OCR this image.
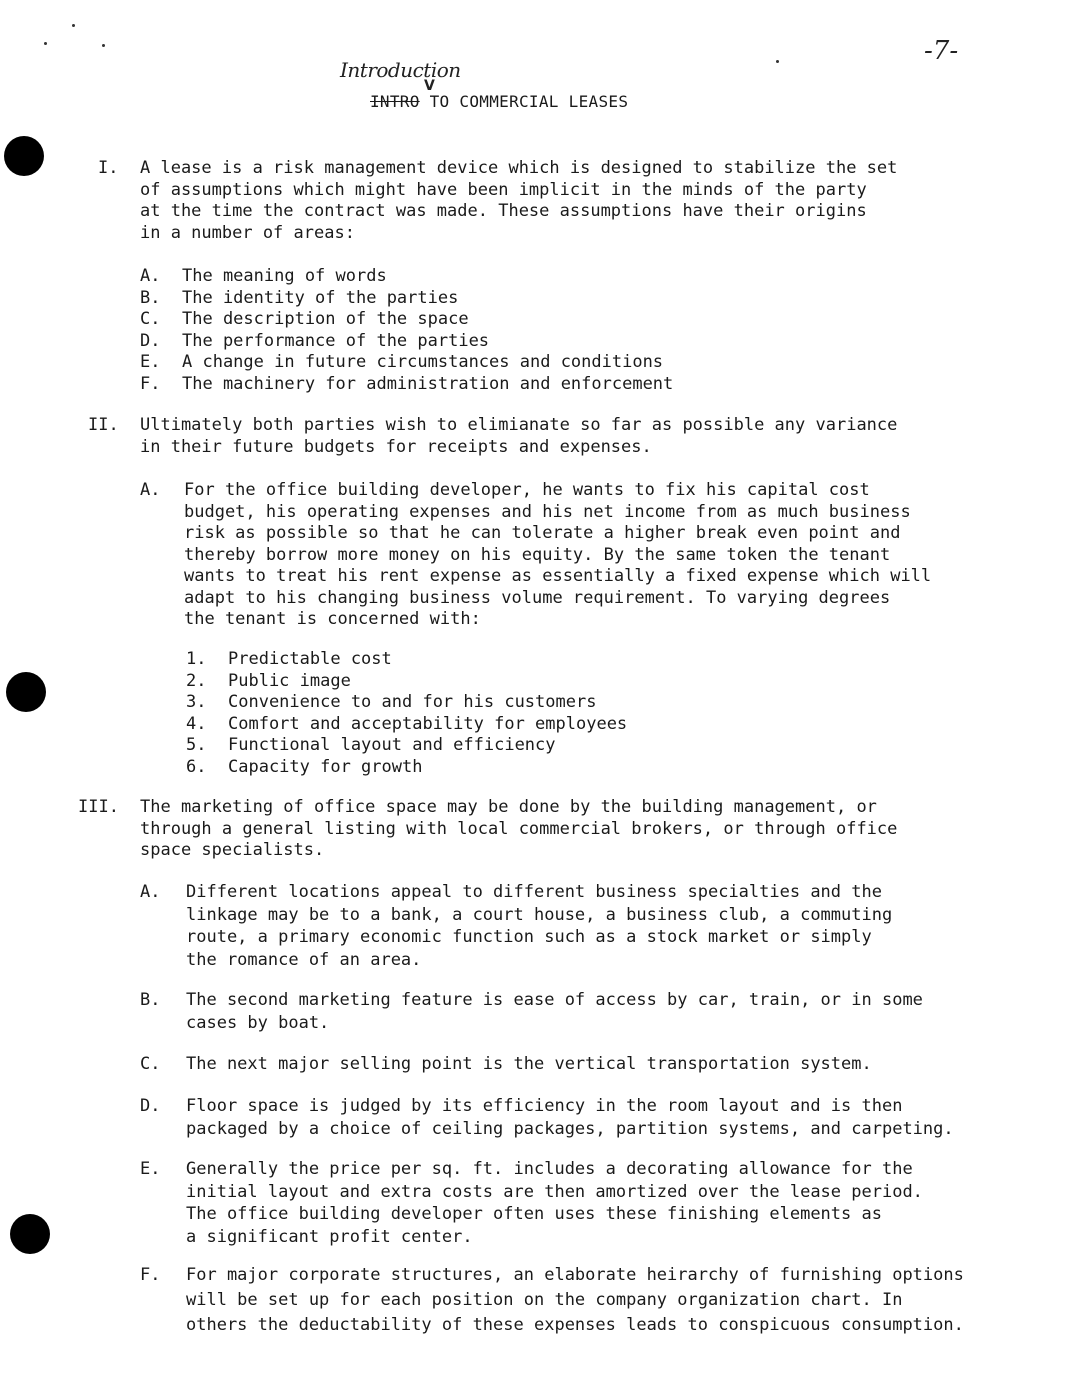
-7-
Introduction
V
INTRO TO COMMERCIAL LEASES
I. A lease is a risk management device which is designed to stabilize the set
of assumptions which might have been implicit in the minds of the party
at the time the contract was made. These assumptions have their origins
in a number of areas:
A. The meaning of words
B. The identity of the parties
C. The description of the space
D. The performance of the parties
E. A change in future circumstances and conditions
F. The machinery for administration and enforcement
II. Ultimately both parties wish to elimianate so far as possible any variance
in their future budgets for receipts and expenses.
A. For the office building developer, he wants to fix his capital cost
budget, his operating expenses and his net income from as much business
risk as possible so that he can tolerate a higher break even point and
thereby borrow more money on his equity. By the same token the tenant
wants to treat his rent expense as essentially a fixed expense which will
adapt to his changing business volume requirement. To varying degrees
the tenant is concerned with:
1. Predictable cost
2. Public image
3. Convenience to and for his customers
4. Comfort and acceptability for employees
5. Functional layout and efficiency
6. Capacity for growth
III. The marketing of office space may be done by the building management, or
through a general listing with local commercial brokers, or through office
space specialists.
A. Different locations appeal to different business specialties and the
linkage may be to a bank, a court house, a business club, a commuting
route, a primary economic function such as a stock market or simply
the romance of an area.
B. The second marketing feature is ease of access by car, train, or in some
cases by boat.
C. The next major selling point is the vertical transportation system.
D. Floor space is judged by its efficiency in the room layout and is then
packaged by a choice of ceiling packages, partition systems, and carpeting.
E. Generally the price per sq. ft. includes a decorating allowance for the
initial layout and extra costs are then amortized over the lease period.
The office building developer often uses these finishing elements as
a significant profit center.
F. For major corporate structures, an elaborate heirarchy of furnishing options
will be set up for each position on the company organization chart. In
others the deductability of these expenses leads to conspicuous consumption.
